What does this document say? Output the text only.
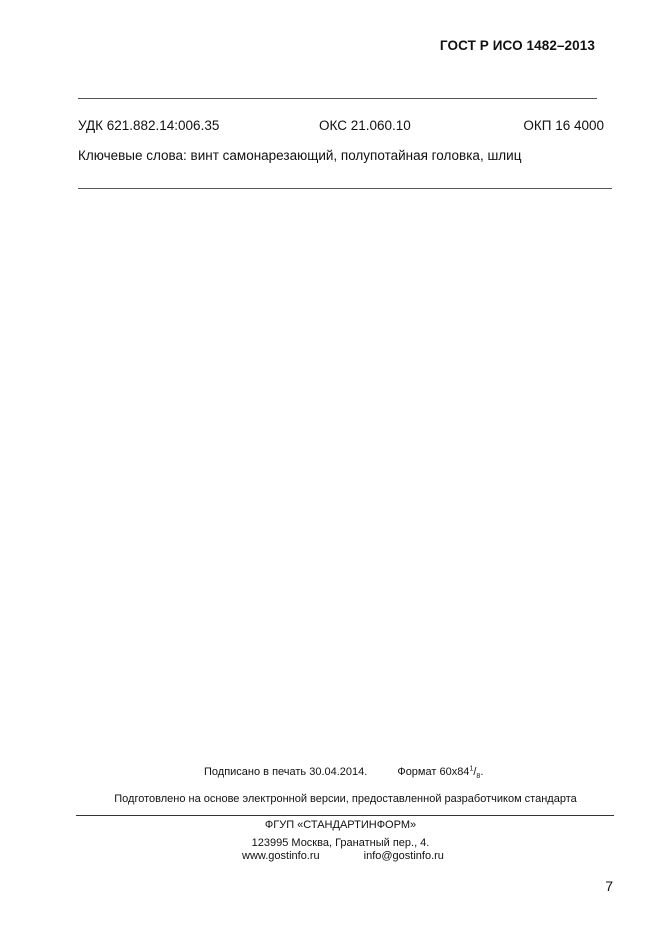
ГОСТ Р ИСО 1482–2013
УДК 621.882.14:006.35	ОКС 21.060.10	ОКП 16 4000
Ключевые слова: винт самонарезающий, полупотайная головка, шлиц
Подписано в печать 30.04.2014.	Формат $60x84^1/_8$.
Подготовлено на основе электронной версии, предоставленной разработчиком стандарта
ФГУП «СТАНДАРТИНФОРМ»
123995 Москва, Гранатный пер., 4.
www.gostinfo.ru	info@gostinfo.ru
7
